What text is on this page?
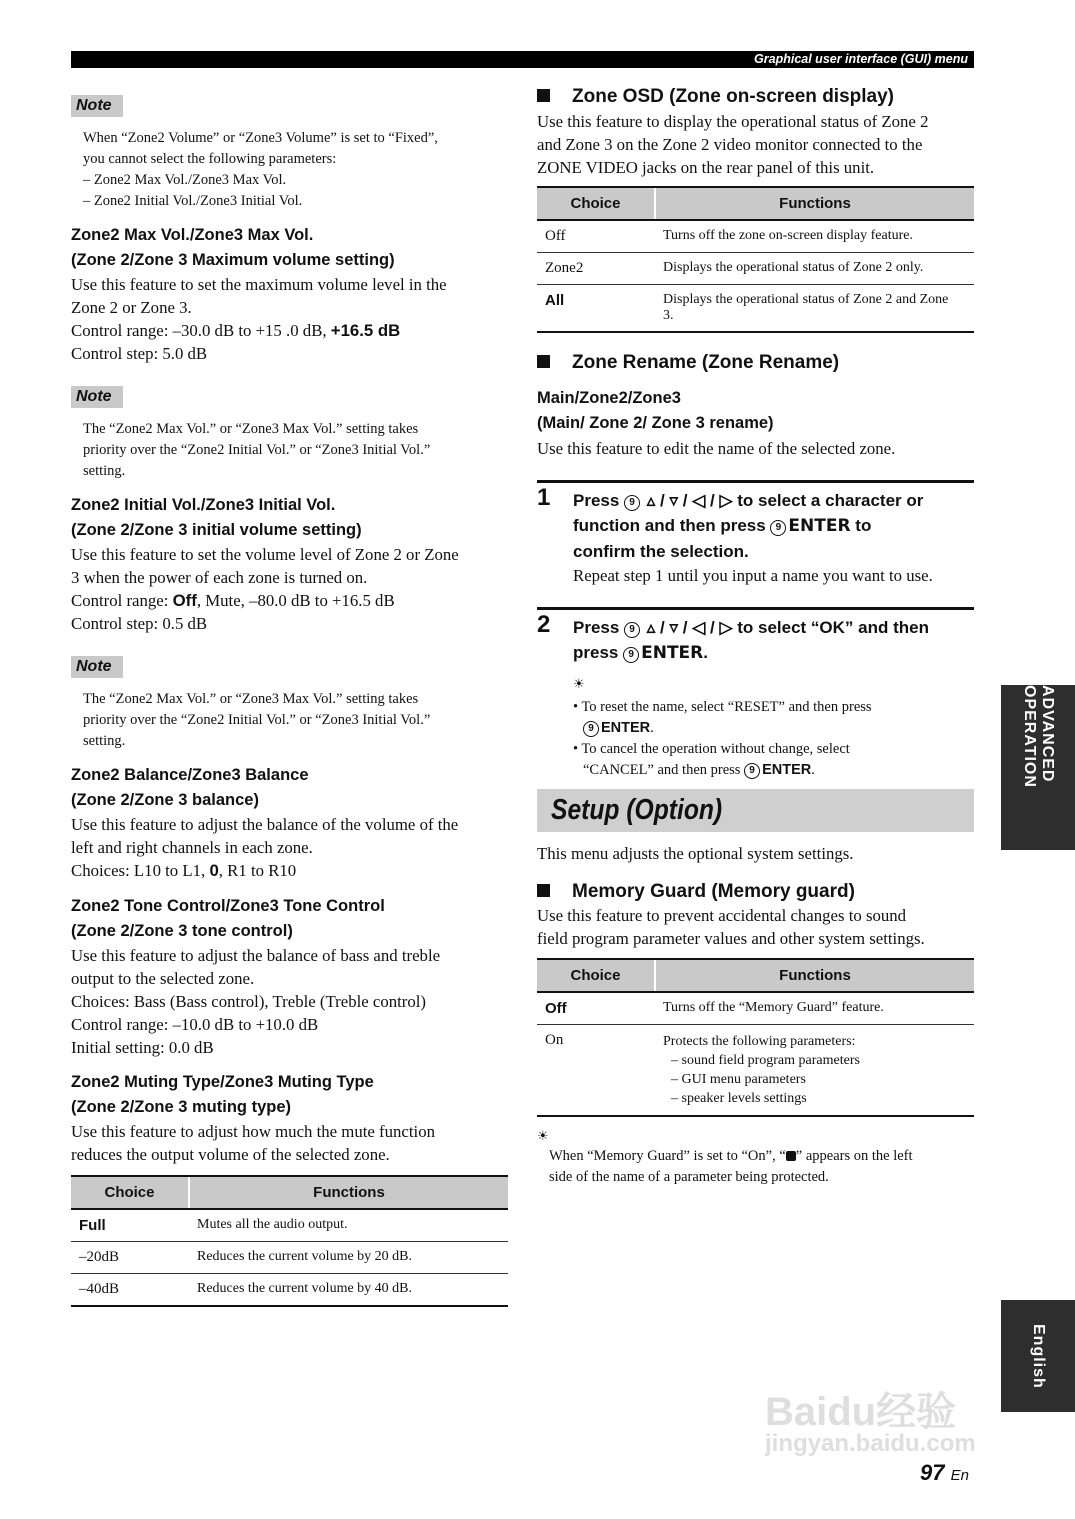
Graphical user interface (GUI) menu
Note
When “Zone2 Volume” or “Zone3 Volume” is set to “Fixed”,
you cannot select the following parameters:
– Zone2 Max Vol./Zone3 Max Vol.
– Zone2 Initial Vol./Zone3 Initial Vol.
Zone2 Max Vol./Zone3 Max Vol.
(Zone 2/Zone 3 Maximum volume setting)
Use this feature to set the maximum volume level in the
Zone 2 or Zone 3.
Control range: –30.0 dB to +15 .0 dB, +16.5 dB
Control step: 5.0 dB
Note
The “Zone2 Max Vol.” or “Zone3 Max Vol.” setting takes
priority over the “Zone2 Initial Vol.” or “Zone3 Initial Vol.”
setting.
Zone2 Initial Vol./Zone3 Initial Vol.
(Zone 2/Zone 3 initial volume setting)
Use this feature to set the volume level of Zone 2 or Zone
3 when the power of each zone is turned on.
Control range: Off, Mute, –80.0 dB to +16.5 dB
Control step: 0.5 dB
Note
The “Zone2 Max Vol.” or “Zone3 Max Vol.” setting takes
priority over the “Zone2 Initial Vol.” or “Zone3 Initial Vol.”
setting.
Zone2 Balance/Zone3 Balance
(Zone 2/Zone 3 balance)
Use this feature to adjust the balance of the volume of the
left and right channels in each zone.
Choices: L10 to L1, 0, R1 to R10
Zone2 Tone Control/Zone3 Tone Control
(Zone 2/Zone 3 tone control)
Use this feature to adjust the balance of bass and treble
output to the selected zone.
Choices: Bass (Bass control), Treble (Treble control)
Control range: –10.0 dB to +10.0 dB
Initial setting: 0.0 dB
Zone2 Muting Type/Zone3 Muting Type
(Zone 2/Zone 3 muting type)
Use this feature to adjust how much the mute function
reduces the output volume of the selected zone.
Choice	Functions
Full	Mutes all the audio output.
–20dB	Reduces the current volume by 20 dB.
–40dB	Reduces the current volume by 40 dB.
Zone OSD (Zone on-screen display)
Use this feature to display the operational status of Zone 2
and Zone 3 on the Zone 2 video monitor connected to the
ZONE VIDEO jacks on the rear panel of this unit.
Choice	Functions
Off	Turns off the zone on-screen display feature.
Zone2	Displays the operational status of Zone 2 only.
All	Displays the operational status of Zone 2 and Zone 3.
Zone Rename (Zone Rename)
Main/Zone2/Zone3
(Main/ Zone 2/ Zone 3 rename)
Use this feature to edit the name of the selected zone.
1 Press 9 ▵ / ▿ / ◁ / ▷ to select a character or
function and then press 9 ENTER to
confirm the selection.
Repeat step 1 until you input a name you want to use.
2 Press 9 ▵ / ▿ / ◁ / ▷ to select “OK” and then
press 9 ENTER.
☀
• To reset the name, select “RESET” and then press
9 ENTER.
• To cancel the operation without change, select
“CANCEL” and then press 9 ENTER.
Setup (Option)
This menu adjusts the optional system settings.
Memory Guard (Memory guard)
Use this feature to prevent accidental changes to sound
field program parameter values and other system settings.
Choice	Functions
Off	Turns off the “Memory Guard” feature.
On	Protects the following parameters:
– sound field program parameters
– GUI menu parameters
– speaker levels settings
☀
When “Memory Guard” is set to “On”, “ ” appears on the left
side of the name of a parameter being protected.
ADVANCED OPERATION
English
Baidu经验
jingyan.baidu.com
97 En
